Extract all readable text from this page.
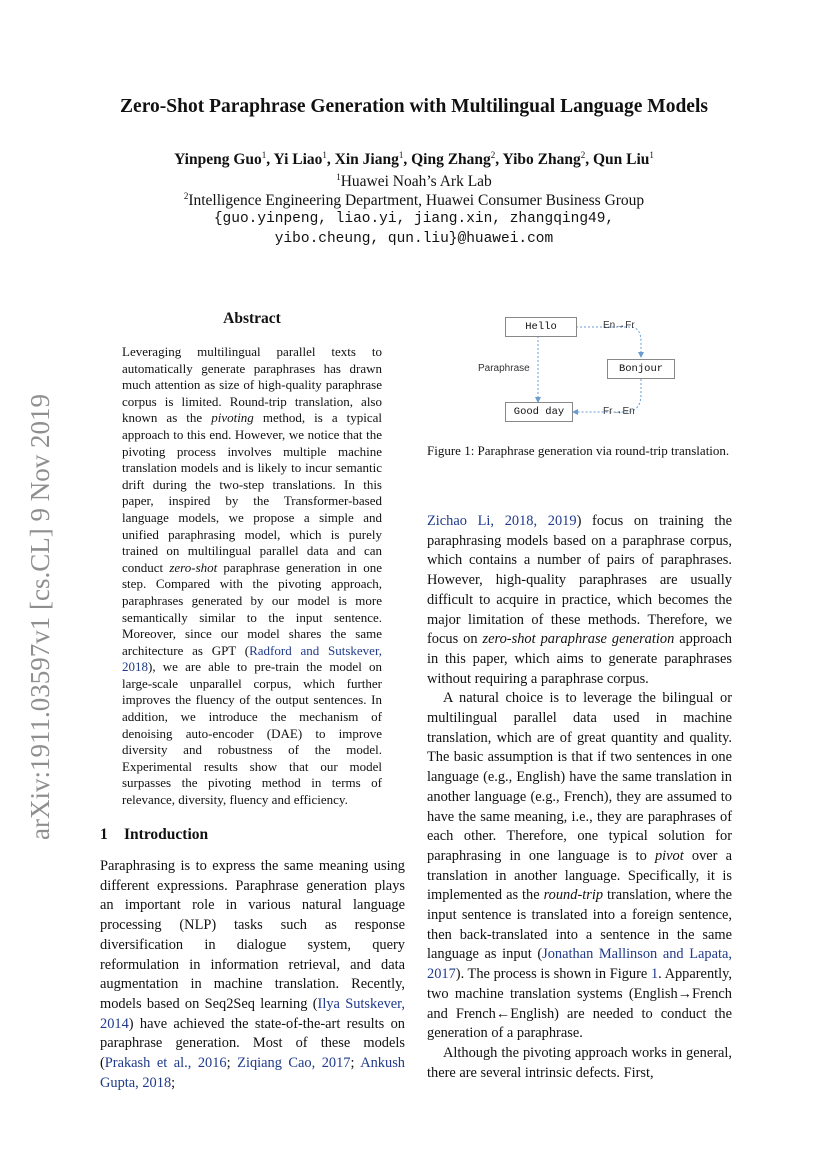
Zero-Shot Paraphrase Generation with Multilingual Language Models
Yinpeng Guo$^1$, Yi Liao$^1$, Xin Jiang$^1$, Qing Zhang$^2$, Yibo Zhang$^2$, Qun Liu$^1$
$^1$Huawei Noah’s Ark Lab
$^2$Intelligence Engineering Department, Huawei Consumer Business Group
{guo.yinpeng, liao.yi, jiang.xin, zhangqing49,
yibo.cheung, qun.liu}@huawei.com
arXiv:1911.03597v1 [cs.CL] 9 Nov 2019
Abstract
Leveraging multilingual parallel texts to automatically generate paraphrases has drawn much attention as size of high-quality paraphrase corpus is limited. Round-trip translation, also known as the pivoting method, is a typical approach to this end. However, we notice that the pivoting process involves multiple machine translation models and is likely to incur semantic drift during the two-step translations. In this paper, inspired by the Transformer-based language models, we propose a simple and unified paraphrasing model, which is purely trained on multilingual parallel data and can conduct zero-shot paraphrase generation in one step. Compared with the pivoting approach, paraphrases generated by our model is more semantically similar to the input sentence. Moreover, since our model shares the same architecture as GPT (Radford and Sutskever, 2018), we are able to pre-train the model on large-scale unparallel corpus, which further improves the fluency of the output sentences. In addition, we introduce the mechanism of denoising auto-encoder (DAE) to improve diversity and robustness of the model. Experimental results show that our model surpasses the pivoting method in terms of relevance, diversity, fluency and efficiency.
1 Introduction
Paraphrasing is to express the same meaning using different expressions. Paraphrase generation plays an important role in various natural language processing (NLP) tasks such as response diversification in dialogue system, query reformulation in information retrieval, and data augmentation in machine translation. Recently, models based on Seq2Seq learning (Ilya Sutskever, 2014) have achieved the state-of-the-art results on paraphrase generation. Most of these models (Prakash et al., 2016; Ziqiang Cao, 2017; Ankush Gupta, 2018;
Hello
Bonjour
Good day
En→Fr
Fr→En
Paraphrase
Figure 1: Paraphrase generation via round-trip translation.

Zichao Li, 2018, 2019) focus on training the paraphrasing models based on a paraphrase corpus, which contains a number of pairs of paraphrases. However, high-quality paraphrases are usually difficult to acquire in practice, which becomes the major limitation of these methods. Therefore, we focus on zero-shot paraphrase generation approach in this paper, which aims to generate paraphrases without requiring a paraphrase corpus.

A natural choice is to leverage the bilingual or multilingual parallel data used in machine translation, which are of great quantity and quality. The basic assumption is that if two sentences in one language (e.g., English) have the same translation in another language (e.g., French), they are assumed to have the same meaning, i.e., they are paraphrases of each other. Therefore, one typical solution for paraphrasing in one language is to pivot over a translation in another language. Specifically, it is implemented as the round-trip translation, where the input sentence is translated into a foreign sentence, then back-translated into a sentence in the same language as input (Jonathan Mallinson and Lapata, 2017). The process is shown in Figure 1. Apparently, two machine translation systems (English→French and French←English) are needed to conduct the generation of a paraphrase.

Although the pivoting approach works in general, there are several intrinsic defects. First,
